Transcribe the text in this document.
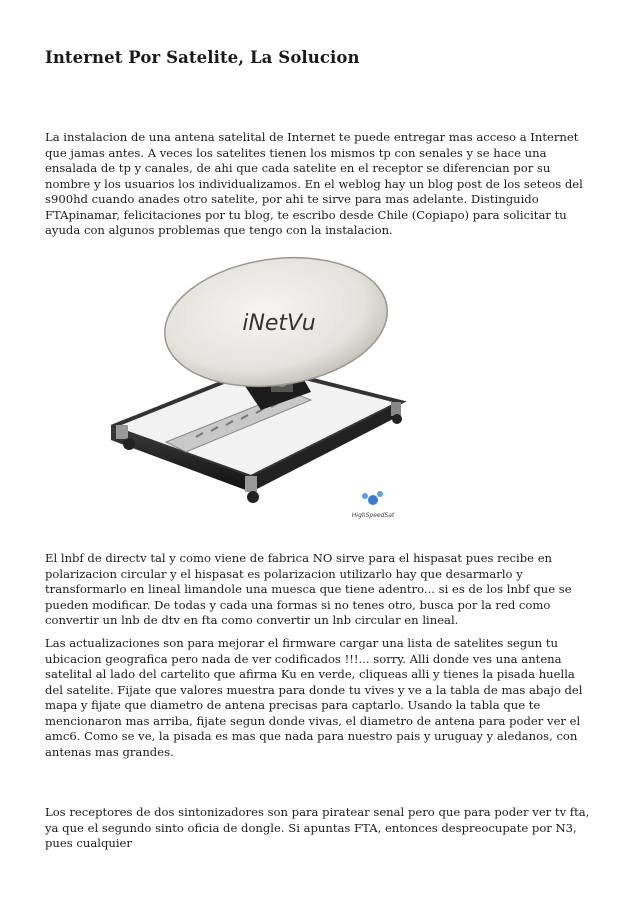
Internet Por Satelite, La Solucion

La instalacion de una antena satelital de Internet te puede entregar mas acceso a Internet que jamas antes. A veces los satelites tienen los mismos tp con senales y se hace una ensalada de tp y canales, de ahi que cada satelite en el receptor se diferencian por su nombre y los usuarios los individualizamos. En el weblog hay un blog post de los seteos del s900hd cuando anades otro satelite, por ahi te sirve para mas adelante. Distinguido FTApinamar, felicitaciones por tu blog, te escribo desde Chile (Copiapo) para solicitar tu ayuda con algunos problemas que tengo con la instalacion.

iNetVu
HighSpeedSat

El lnbf de directv tal y como viene de fabrica NO sirve para el hispasat pues recibe en polarizacion circular y el hispasat es polarizacion utilizarlo hay que desarmarlo y transformarlo en lineal limandole una muesca que tiene adentro... si es de los lnbf que se pueden modificar. De todas y cada una formas si no tenes otro, busca por la red como convertir un lnb de dtv en fta como convertir un lnb circular en lineal.

Las actualizaciones son para mejorar el firmware cargar una lista de satelites segun tu ubicacion geografica pero nada de ver codificados !!!... sorry. Alli donde ves una antena satelital al lado del cartelito que afirma Ku en verde, cliqueas alli y tienes la pisada huella del satelite. Fijate que valores muestra para donde tu vives y ve a la tabla de mas abajo del mapa y fijate que diametro de antena precisas para captarlo. Usando la tabla que te mencionaron mas arriba, fijate segun donde vivas, el diametro de antena para poder ver el amc6. Como se ve, la pisada es mas que nada para nuestro pais y uruguay y aledanos, con antenas mas grandes.

Los receptores de dos sintonizadores son para piratear senal pero que para poder ver tv fta, ya que el segundo sinto oficia de dongle. Si apuntas FTA, entonces despreocupate por N3, pues cualquier
